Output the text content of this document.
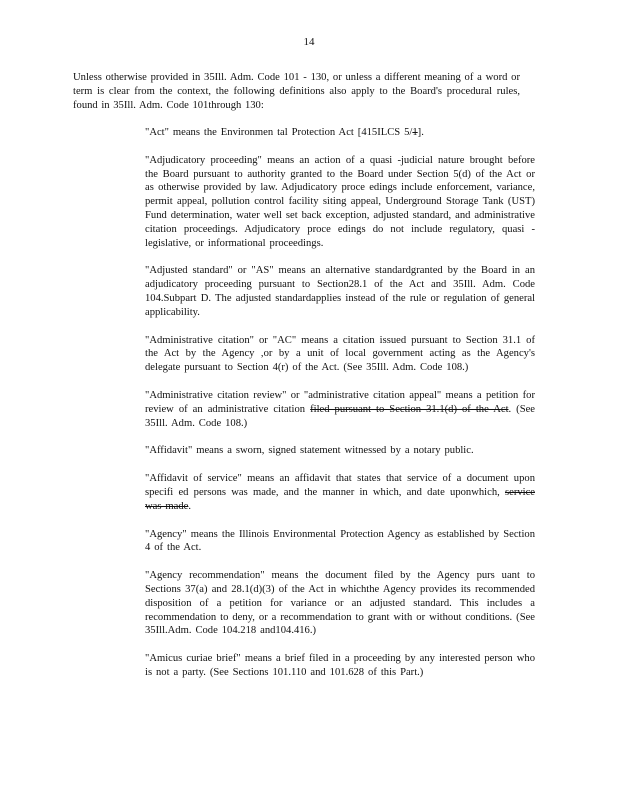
14
Unless otherwise provided in 35Ill. Adm. Code 101 - 130, or unless a different meaning of a word or term is clear from the context, the following definitions also apply to the Board's procedural rules, found in 35Ill. Adm. Code 101through 130:

"Act" means the Environmen tal Protection Act [415ILCS 5/1].

"Adjudicatory proceeding" means an action of a quasi -judicial nature brought before the Board pursuant to authority granted to the Board under Section 5(d) of the Act or as otherwise provided by law. Adjudicatory proce edings include enforcement, variance, permit appeal, pollution control facility siting appeal, Underground Storage Tank (UST) Fund determination, water well set back exception, adjusted standard, and administrative citation proceedings. Adjudicatory proce edings do not include regulatory, quasi -legislative, or informational proceedings.

"Adjusted standard" or "AS" means an alternative standardgranted by the Board in an adjudicatory proceeding pursuant to Section28.1 of the Act and 35Ill. Adm. Code 104.Subpart D. The adjusted standardapplies instead of the rule or regulation of general applicability.

"Administrative citation" or "AC" means a citation issued pursuant to Section 31.1 of the Act by the Agency ,or by a unit of local government acting as the Agency's delegate pursuant to Section 4(r) of the Act. (See 35Ill. Adm. Code 108.)

"Administrative citation review" or "administrative citation appeal" means a petition for review of an administrative citation filed pursuant to Section 31.1(d) of the Act. (See 35Ill. Adm. Code 108.)

"Affidavit" means a sworn, signed statement witnessed by a notary public.

"Affidavit of service" means an affidavit that states that service of a document upon specifi ed persons was made, and the manner in which, and date uponwhich, service was made.

"Agency" means the Illinois Environmental Protection Agency as established by Section 4 of the Act.

"Agency recommendation" means the document filed by the Agency purs uant to Sections 37(a) and 28.1(d)(3) of the Act in whichthe Agency provides its recommended disposition of a petition for variance or an adjusted standard. This includes a recommendation to deny, or a recommendation to grant with or without conditions. (See 35Ill.Adm. Code 104.218 and104.416.)

"Amicus curiae brief" means a brief filed in a proceeding by any interested person who is not a party. (See Sections 101.110 and 101.628 of this Part.)
